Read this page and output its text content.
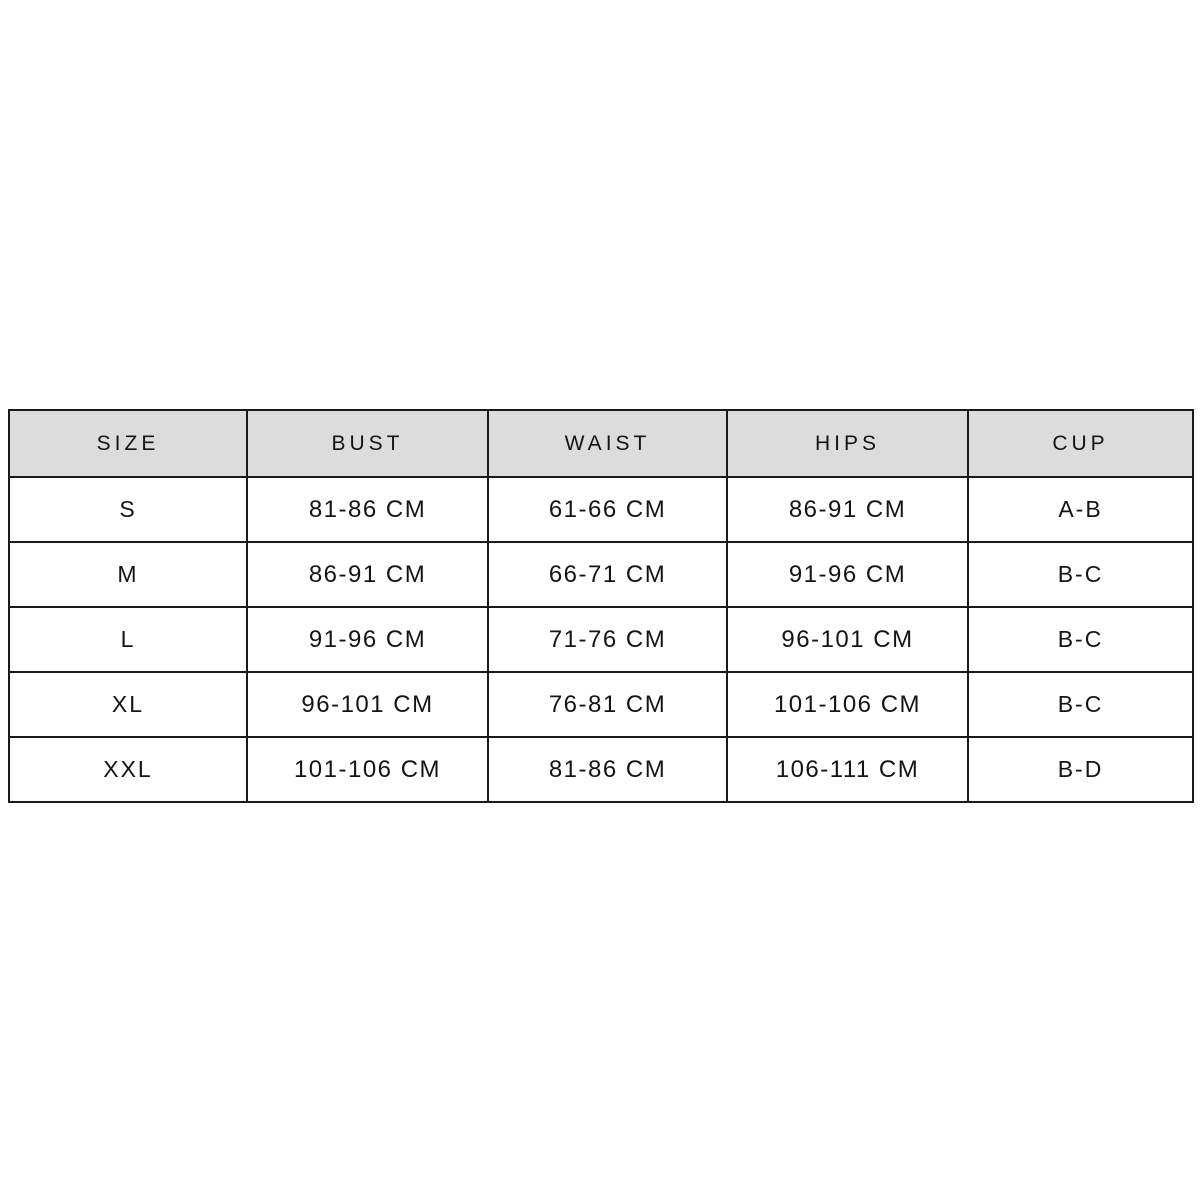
SIZE	BUST	WAIST	HIPS	CUP
S	81-86 CM	61-66 CM	86-91 CM	A-B
M	86-91 CM	66-71 CM	91-96 CM	B-C
L	91-96 CM	71-76 CM	96-101 CM	B-C
XL	96-101 CM	76-81 CM	101-106 CM	B-C
XXL	101-106 CM	81-86 CM	106-111 CM	B-D
